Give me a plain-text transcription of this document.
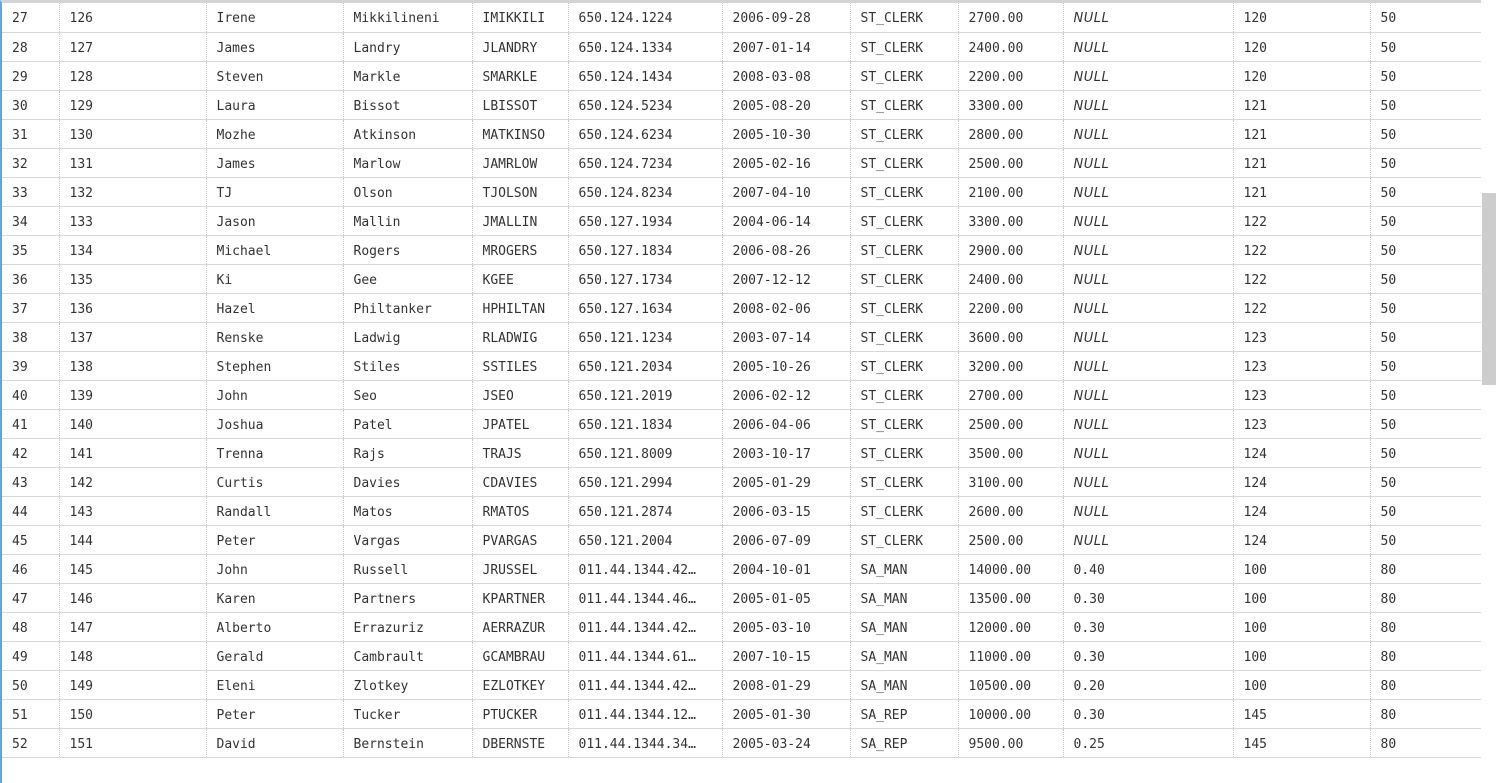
27	126	Irene	Mikkilineni	IMIKKILI	650.124.1224	2006-09-28	ST_CLERK	2700.00	NULL	120	50
28	127	James	Landry	JLANDRY	650.124.1334	2007-01-14	ST_CLERK	2400.00	NULL	120	50
29	128	Steven	Markle	SMARKLE	650.124.1434	2008-03-08	ST_CLERK	2200.00	NULL	120	50
30	129	Laura	Bissot	LBISSOT	650.124.5234	2005-08-20	ST_CLERK	3300.00	NULL	121	50
31	130	Mozhe	Atkinson	MATKINSO	650.124.6234	2005-10-30	ST_CLERK	2800.00	NULL	121	50
32	131	James	Marlow	JAMRLOW	650.124.7234	2005-02-16	ST_CLERK	2500.00	NULL	121	50
33	132	TJ	Olson	TJOLSON	650.124.8234	2007-04-10	ST_CLERK	2100.00	NULL	121	50
34	133	Jason	Mallin	JMALLIN	650.127.1934	2004-06-14	ST_CLERK	3300.00	NULL	122	50
35	134	Michael	Rogers	MROGERS	650.127.1834	2006-08-26	ST_CLERK	2900.00	NULL	122	50
36	135	Ki	Gee	KGEE	650.127.1734	2007-12-12	ST_CLERK	2400.00	NULL	122	50
37	136	Hazel	Philtanker	HPHILTAN	650.127.1634	2008-02-06	ST_CLERK	2200.00	NULL	122	50
38	137	Renske	Ladwig	RLADWIG	650.121.1234	2003-07-14	ST_CLERK	3600.00	NULL	123	50
39	138	Stephen	Stiles	SSTILES	650.121.2034	2005-10-26	ST_CLERK	3200.00	NULL	123	50
40	139	John	Seo	JSEO	650.121.2019	2006-02-12	ST_CLERK	2700.00	NULL	123	50
41	140	Joshua	Patel	JPATEL	650.121.1834	2006-04-06	ST_CLERK	2500.00	NULL	123	50
42	141	Trenna	Rajs	TRAJS	650.121.8009	2003-10-17	ST_CLERK	3500.00	NULL	124	50
43	142	Curtis	Davies	CDAVIES	650.121.2994	2005-01-29	ST_CLERK	3100.00	NULL	124	50
44	143	Randall	Matos	RMATOS	650.121.2874	2006-03-15	ST_CLERK	2600.00	NULL	124	50
45	144	Peter	Vargas	PVARGAS	650.121.2004	2006-07-09	ST_CLERK	2500.00	NULL	124	50
46	145	John	Russell	JRUSSEL	011.44.1344.42…	2004-10-01	SA_MAN	14000.00	0.40	100	80
47	146	Karen	Partners	KPARTNER	011.44.1344.46…	2005-01-05	SA_MAN	13500.00	0.30	100	80
48	147	Alberto	Errazuriz	AERRAZUR	011.44.1344.42…	2005-03-10	SA_MAN	12000.00	0.30	100	80
49	148	Gerald	Cambrault	GCAMBRAU	011.44.1344.61…	2007-10-15	SA_MAN	11000.00	0.30	100	80
50	149	Eleni	Zlotkey	EZLOTKEY	011.44.1344.42…	2008-01-29	SA_MAN	10500.00	0.20	100	80
51	150	Peter	Tucker	PTUCKER	011.44.1344.12…	2005-01-30	SA_REP	10000.00	0.30	145	80
52	151	David	Bernstein	DBERNSTE	011.44.1344.34…	2005-03-24	SA_REP	9500.00	0.25	145	80
